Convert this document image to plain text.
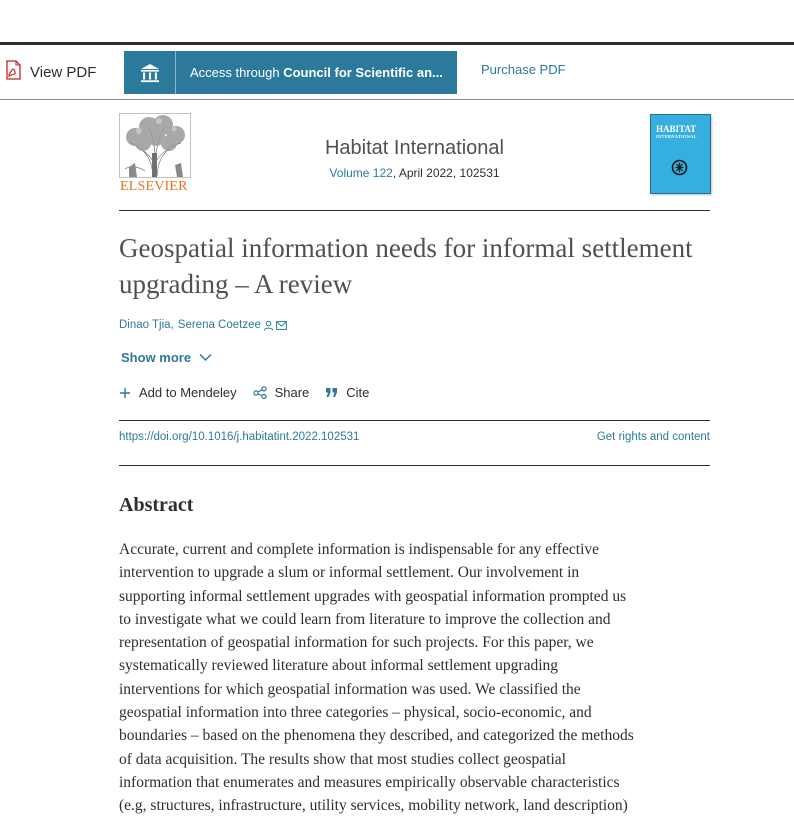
View PDF	Access through Council for Scientific an...	Purchase PDF
ELSEVIER
Habitat International
Volume 122, April 2022, 102531
HABITAT
INTERNATIONAL
Geospatial information needs for informal settlement upgrading – A review
Dinao Tjia , Serena Coetzee
Show more
Add to Mendeley	Share	Cite
https://doi.org/10.1016/j.habitatint.2022.102531	Get rights and content
Abstract
Accurate, current and complete information is indispensable for any effective
intervention to upgrade a slum or informal settlement. Our involvement in
supporting informal settlement upgrades with geospatial information prompted us
to investigate what we could learn from literature to improve the collection and
representation of geospatial information for such projects. For this paper, we
systematically reviewed literature about informal settlement upgrading
interventions for which geospatial information was used. We classified the
geospatial information into three categories – physical, socio-economic, and
boundaries – based on the phenomena they described, and categorized the methods
of data acquisition. The results show that most studies collect geospatial
information that enumerates and measures empirically observable characteristics
(e.g, structures, infrastructure, utility services, mobility network, land description)
